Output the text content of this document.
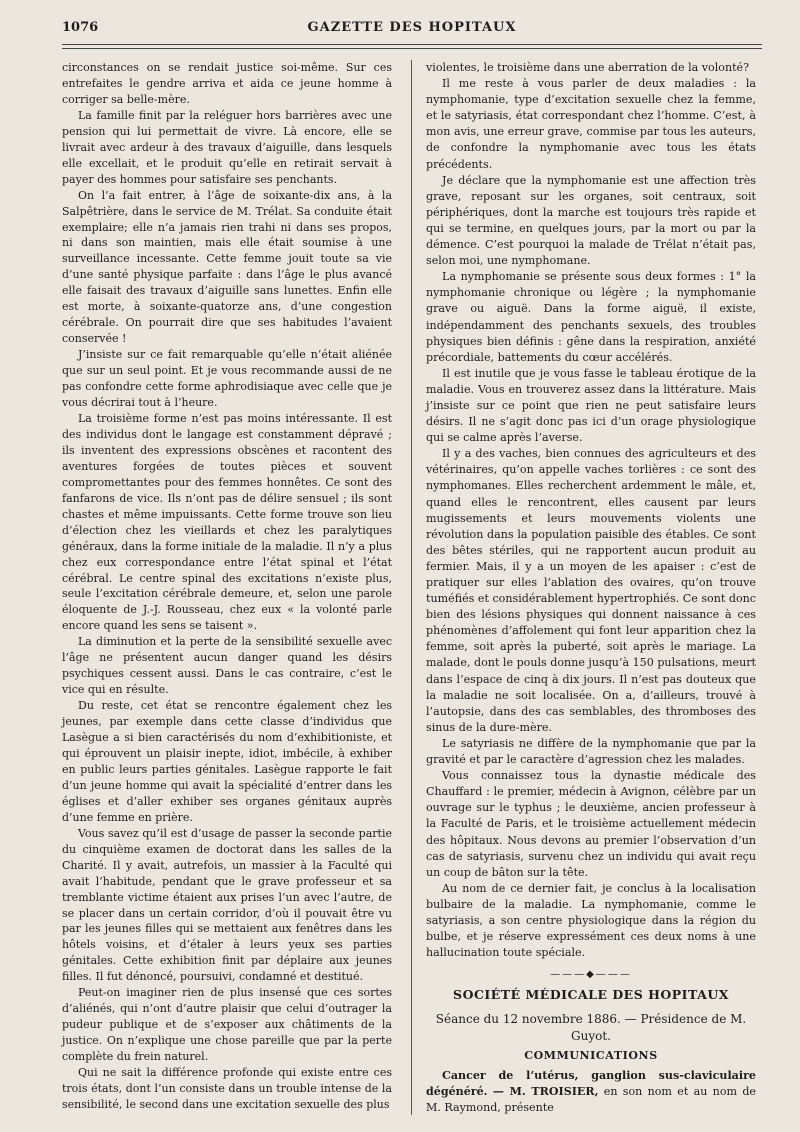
1076	GAZETTE DES HOPITAUX

circonstances on se rendait justice soi-même. Sur ces entrefaites le gendre arriva et aida ce jeune homme à corriger sa belle-mère.

La famille finit par la reléguer hors barrières avec une pension qui lui permettait de vivre. Là encore, elle se livrait avec ardeur à des travaux d’aiguille, dans lesquels elle excellait, et le produit qu’elle en retirait servait à payer des hommes pour satisfaire ses penchants.

On l’a fait entrer, à l’âge de soixante-dix ans, à la Salpêtrière, dans le service de M. Trélat. Sa conduite était exemplaire; elle n’a jamais rien trahi ni dans ses propos, ni dans son maintien, mais elle était soumise à une surveillance incessante. Cette femme jouit toute sa vie d’une santé physique parfaite : dans l’âge le plus avancé elle faisait des travaux d’aiguille sans lunettes. Enfin elle est morte, à soixante-quatorze ans, d’une congestion cérébrale. On pourrait dire que ses habitudes l’avaient conservée !

J’insiste sur ce fait remarquable qu’elle n’était aliénée que sur un seul point. Et je vous recommande aussi de ne pas confondre cette forme aphrodisiaque avec celle que je vous décrirai tout à l’heure.

La troisième forme n’est pas moins intéressante. Il est des individus dont le langage est constamment dépravé ; ils inventent des expressions obscènes et racontent des aventures forgées de toutes pièces et souvent compromettantes pour des femmes honnêtes. Ce sont des fanfarons de vice. Ils n’ont pas de délire sensuel ; ils sont chastes et même impuissants. Cette forme trouve son lieu d’élection chez les vieillards et chez les paralytiques généraux, dans la forme initiale de la maladie. Il n’y a plus chez eux correspondance entre l’état spinal et l’état cérébral. Le centre spinal des excitations n’existe plus, seule l’excitation cérébrale demeure, et, selon une parole éloquente de J.-J. Rousseau, chez eux « la volonté parle encore quand les sens se taisent ».

La diminution et la perte de la sensibilité sexuelle avec l’âge ne présentent aucun danger quand les désirs psychiques cessent aussi. Dans le cas contraire, c’est le vice qui en résulte.

Du reste, cet état se rencontre également chez les jeunes, par exemple dans cette classe d’individus que Lasègue a si bien caractérisés du nom d’exhibitioniste, et qui éprouvent un plaisir inepte, idiot, imbécile, à exhiber en public leurs parties génitales. Lasègue rapporte le fait d’un jeune homme qui avait la spécialité d’entrer dans les églises et d’aller exhiber ses organes génitaux auprès d’une femme en prière.

Vous savez qu’il est d’usage de passer la seconde partie du cinquième examen de doctorat dans les salles de la Charité. Il y avait, autrefois, un massier à la Faculté qui avait l’habitude, pendant que le grave professeur et sa tremblante victime étaient aux prises l’un avec l’autre, de se placer dans un certain corridor, d’où il pouvait être vu par les jeunes filles qui se mettaient aux fenêtres dans les hôtels voisins, et d’étaler à leurs yeux ses parties génitales. Cette exhibition finit par déplaire aux jeunes filles. Il fut dénoncé, poursuivi, condamné et destitué.

Peut-on imaginer rien de plus insensé que ces sortes d’aliénés, qui n’ont d’autre plaisir que celui d’outrager la pudeur publique et de s’exposer aux châtiments de la justice. On n’explique une chose pareille que par la perte complète du frein naturel.

Qui ne sait la différence profonde qui existe entre ces trois états, dont l’un consiste dans un trouble intense de la sensibilité, le second dans une excitation sexuelle des plus

violentes, le troisième dans une aberration de la volonté?

Il me reste à vous parler de deux maladies : la nymphomanie, type d’excitation sexuelle chez la femme, et le satyriasis, état correspondant chez l’homme. C’est, à mon avis, une erreur grave, commise par tous les auteurs, de confondre la nymphomanie avec tous les états précédents.

Je déclare que la nymphomanie est une affection très grave, reposant sur les organes, soit centraux, soit périphériques, dont la marche est toujours très rapide et qui se termine, en quelques jours, par la mort ou par la démence. C’est pourquoi la malade de Trélat n’était pas, selon moi, une nymphomane.

La nymphomanie se présente sous deux formes : 1° la nymphomanie chronique ou légère ; la nymphomanie grave ou aiguë. Dans la forme aiguë, il existe, indépendamment des penchants sexuels, des troubles physiques bien définis : gêne dans la respiration, anxiété précordiale, battements du cœur accélérés.

Il est inutile que je vous fasse le tableau érotique de la maladie. Vous en trouverez assez dans la littérature. Mais j’insiste sur ce point que rien ne peut satisfaire leurs désirs. Il ne s’agit donc pas ici d’un orage physiologique qui se calme après l’averse.

Il y a des vaches, bien connues des agriculteurs et des vétérinaires, qu’on appelle vaches torlières : ce sont des nymphomanes. Elles recherchent ardemment le mâle, et, quand elles le rencontrent, elles causent par leurs mugissements et leurs mouvements violents une révolution dans la population paisible des étables. Ce sont des bêtes stériles, qui ne rapportent aucun produit au fermier. Mais, il y a un moyen de les apaiser : c’est de pratiquer sur elles l’ablation des ovaires, qu’on trouve tuméfiés et considérablement hypertrophiés. Ce sont donc bien des lésions physiques qui donnent naissance à ces phénomènes d’affolement qui font leur apparition chez la femme, soit après la puberté, soit après le mariage. La malade, dont le pouls donne jusqu’à 150 pulsations, meurt dans l’espace de cinq à dix jours. Il n’est pas douteux que la maladie ne soit localisée. On a, d’ailleurs, trouvé à l’autopsie, dans des cas semblables, des thromboses des sinus de la dure-mère.

Le satyriasis ne diffère de la nymphomanie que par la gravité et par le caractère d’agression chez les malades.

Vous connaissez tous la dynastie médicale des Chauffard : le premier, médecin à Avignon, célèbre par un ouvrage sur le typhus ; le deuxième, ancien professeur à la Faculté de Paris, et le troisième actuellement médecin des hôpitaux. Nous devons au premier l’observation d’un cas de satyriasis, survenu chez un individu qui avait reçu un coup de bâton sur la tête.

Au nom de ce dernier fait, je conclus à la localisation bulbaire de la maladie. La nymphomanie, comme le satyriasis, a son centre physiologique dans la région du bulbe, et je réserve expressément ces deux noms à une hallucination toute spéciale.

———◆———
SOCIÉTÉ MÉDICALE DES HOPITAUX
Séance du 12 novembre 1886. — Présidence de M. Guyot.
COMMUNICATIONS

Cancer de l’utérus, ganglion sus-claviculaire dégénéré. — M. TROISIER, en son nom et au nom de M. Raymond, présente
